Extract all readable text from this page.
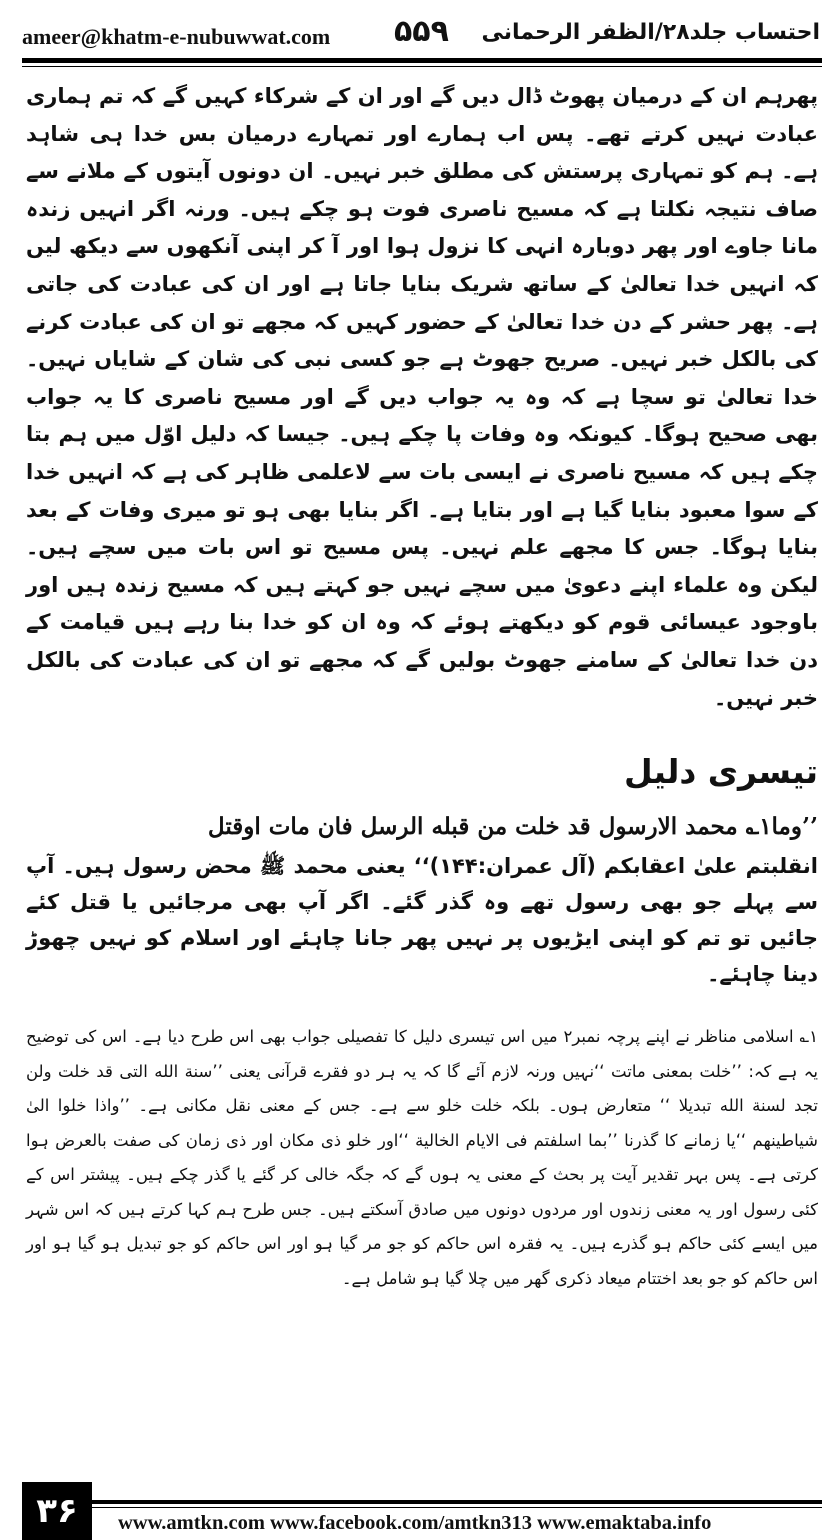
ameer@khatm-e-nubuwwat.com ۵۵۹ احتساب جلد۲۸/الظفر الرحمانی

پھرہم ان کے درمیان پھوٹ ڈال دیں گے اور ان کے شرکاء کہیں گے کہ تم ہماری عبادت نہیں کرتے تھے۔ پس اب ہمارے اور تمہارے درمیان بس خدا ہی شاہد ہے۔ ہم کو تمہاری پرستش کی مطلق خبر نہیں۔ ان دونوں آیتوں کے ملانے سے صاف نتیجہ نکلتا ہے کہ مسیح ناصری فوت ہو چکے ہیں۔ ورنہ اگر انہیں زندہ مانا جاوے اور پھر دوبارہ انہی کا نزول ہوا اور آ کر اپنی آنکھوں سے دیکھ لیں کہ انہیں خدا تعالیٰ کے ساتھ شریک بنایا جاتا ہے اور ان کی عبادت کی جاتی ہے۔ پھر حشر کے دن خدا تعالیٰ کے حضور کہیں کہ مجھے تو ان کی عبادت کرنے کی بالکل خبر نہیں۔ صریح جھوٹ ہے جو کسی نبی کی شان کے شایاں نہیں۔ خدا تعالیٰ تو سچا ہے کہ وہ یہ جواب دیں گے اور مسیح ناصری کا یہ جواب بھی صحیح ہوگا۔ کیونکہ وہ وفات پا چکے ہیں۔ جیسا کہ دلیل اوّل میں ہم بتا چکے ہیں کہ مسیح ناصری نے ایسی بات سے لاعلمی ظاہر کی ہے کہ انہیں خدا کے سوا معبود بنایا گیا ہے اور بتایا ہے۔ اگر بنایا بھی ہو تو میری وفات کے بعد بنایا ہوگا۔ جس کا مجھے علم نہیں۔ پس مسیح تو اس بات میں سچے ہیں۔ لیکن وہ علماء اپنے دعویٰ میں سچے نہیں جو کہتے ہیں کہ مسیح زندہ ہیں اور باوجود عیسائی قوم کو دیکھتے ہوئے کہ وہ ان کو خدا بنا رہے ہیں قیامت کے دن خدا تعالیٰ کے سامنے جھوٹ بولیں گے کہ مجھے تو ان کی عبادت کی بالکل خبر نہیں۔

تیسری دلیل
’’وما۱؎ محمد الارسول قد خلت من قبله الرسل فان مات اوقتل
انقلبتم علیٰ اعقابکم (آل عمران:۱۴۴)‘‘ یعنی محمد ﷺ محض رسول ہیں۔ آپ سے پہلے جو بھی رسول تھے وہ گذر گئے۔ اگر آپ بھی مرجائیں یا قتل کئے جائیں تو تم کو اپنی ایڑیوں پر نہیں پھر جانا چاہئے اور اسلام کو نہیں چھوڑ دینا چاہئے۔

۱؎ اسلامی مناظر نے اپنے پرچہ نمبر۲ میں اس تیسری دلیل کا تفصیلی جواب بھی اس طرح دیا ہے۔ اس کی توضیح یہ ہے کہ: ’’خلت بمعنی ماتت ‘‘نہیں ورنہ لازم آئے گا کہ یہ ہر دو فقرے قرآنی یعنی ’’سنة الله التی قد خلت ولن تجد لسنة الله تبدیلا ‘‘ متعارض ہوں۔ بلکہ خلت خلو سے ہے۔ جس کے معنی نقل مکانی ہے۔ ’’واذا خلوا الیٰ شیاطینهم ‘‘یا زمانے کا گذرنا ’’بما اسلفتم فی الایام الخالیة ‘‘اور خلو ذی مکان اور ذی زمان کی صفت بالعرض ہوا کرتی ہے۔ پس بہر تقدیر آیت پر بحث کے معنی یہ ہوں گے کہ جگہ خالی کر گئے یا گذر چکے ہیں۔ پیشتر اس کے کئی رسول اور یہ معنی زندوں اور مردوں دونوں میں صادق آسکتے ہیں۔ جس طرح ہم کہا کرتے ہیں کہ اس شہر میں ایسے کئی حاکم ہو گذرے ہیں۔ یہ فقرہ اس حاکم کو جو مر گیا ہو اور اس حاکم کو جو تبدیل ہو گیا ہو اور اس حاکم کو جو بعد اختتام میعاد ذکری گھر میں چلا گیا ہو شامل ہے۔

۳۶	www.amtkn.com www.facebook.com/amtkn313 www.emaktaba.info
